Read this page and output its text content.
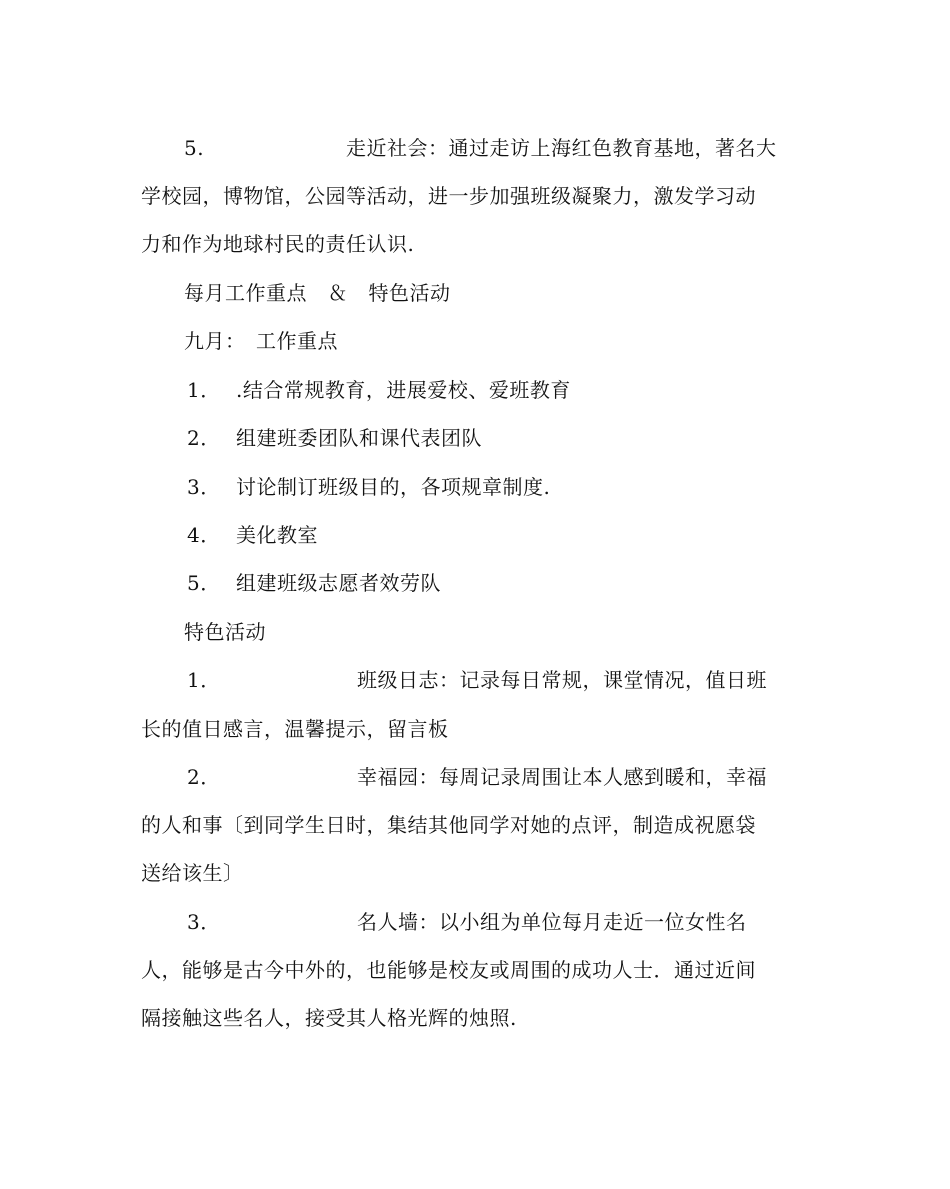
5.	走近社会：通过走访上海红色教育基地，著名大
学校园，博物馆，公园等活动，进一步加强班级凝聚力，激发学习动
力和作为地球村民的责任认识.
每月工作重点　＆　特色活动
九月：　工作重点
1． .结合常规教育，进展爱校、爱班教育
2． 组建班委团队和课代表团队
3． 讨论制订班级目的，各项规章制度.
4． 美化教室
5． 组建班级志愿者效劳队
特色活动
1．	班级日志：记录每日常规，课堂情况，值日班
长的值日感言，温馨提示，留言板
2．	幸福园：每周记录周围让本人感到暖和，幸福
的人和事〔到同学生日时，集结其他同学对她的点评，制造成祝愿袋
送给该生〕
3．	名人墙：以小组为单位每月走近一位女性名
人，能够是古今中外的，也能够是校友或周围的成功人士．通过近间
隔接触这些名人，接受其人格光辉的烛照.
